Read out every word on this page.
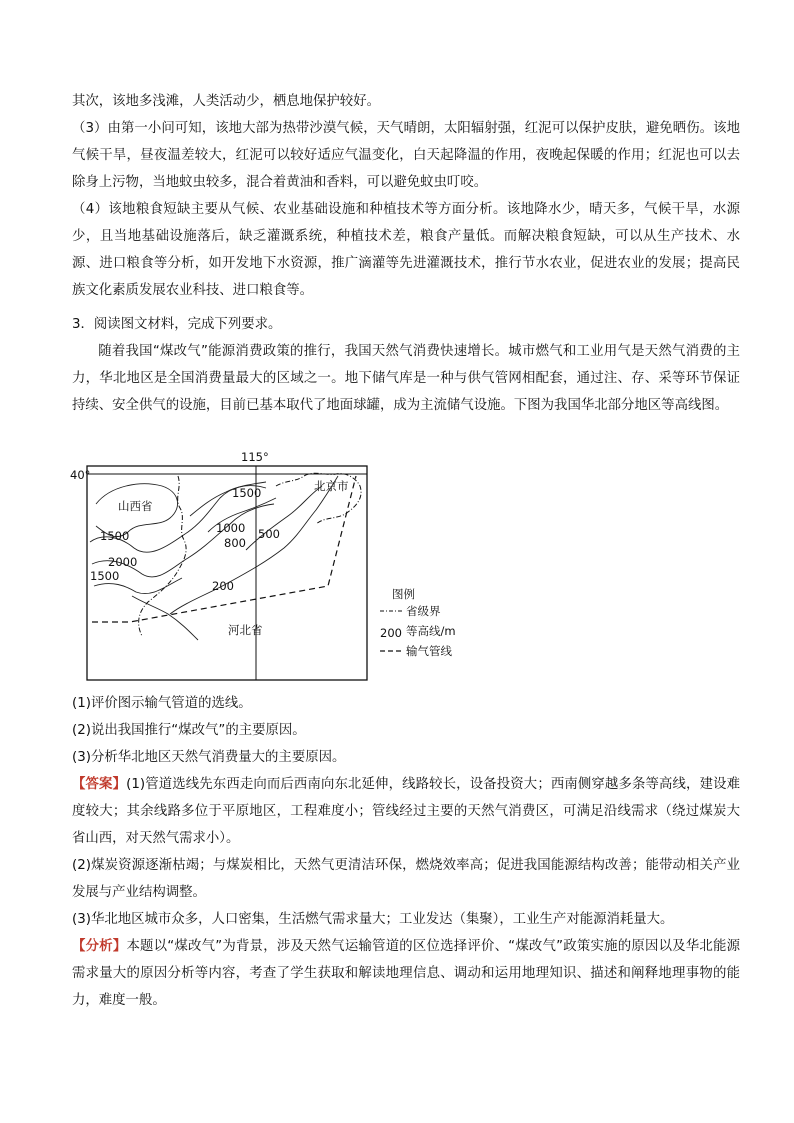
其次，该地多浅滩，人类活动少，栖息地保护较好。

（3）由第一小问可知，该地大部为热带沙漠气候，天气晴朗，太阳辐射强，红泥可以保护皮肤，避免晒伤。该地气候干旱，昼夜温差较大，红泥可以较好适应气温变化，白天起降温的作用，夜晚起保暖的作用；红泥也可以去除身上污物，当地蚊虫较多，混合着黄油和香料，可以避免蚊虫叮咬。

（4）该地粮食短缺主要从气候、农业基础设施和种植技术等方面分析。该地降水少，晴天多，气候干旱，水源少，且当地基础设施落后，缺乏灌溉系统，种植技术差，粮食产量低。而解决粮食短缺，可以从生产技术、水源、进口粮食等分析，如开发地下水资源，推广滴灌等先进灌溉技术，推行节水农业，促进农业的发展；提高民族文化素质发展农业科技、进口粮食等。

3．阅读图文材料，完成下列要求。

随着我国“煤改气”能源消费政策的推行，我国天然气消费快速增长。城市燃气和工业用气是天然气消费的主力，华北地区是全国消费量最大的区域之一。地下储气库是一种与供气管网相配套，通过注、存、采等环节保证持续、安全供气的设施，目前已基本取代了地面球罐，成为主流储气设施。下图为我国华北部分地区等高线图。

115°
40°
山西省
北京市
河北省
1500
1500
1500
1000
800
500
2000
200
图例
省级界
200 等高线/m
输气管线

(1)评价图示输气管道的选线。

(2)说出我国推行“煤改气”的主要原因。

(3)分析华北地区天然气消费量大的主要原因。

【答案】(1)管道选线先东西走向而后西南向东北延伸，线路较长，设备投资大；西南侧穿越多条等高线，建设难度较大；其余线路多位于平原地区，工程难度小；管线经过主要的天然气消费区，可满足沿线需求（绕过煤炭大省山西，对天然气需求小）。

(2)煤炭资源逐渐枯竭；与煤炭相比，天然气更清洁环保，燃烧效率高；促进我国能源结构改善；能带动相关产业发展与产业结构调整。

(3)华北地区城市众多，人口密集，生活燃气需求量大；工业发达（集聚），工业生产对能源消耗量大。

【分析】本题以“煤改气”为背景，涉及天然气运输管道的区位选择评价、“煤改气”政策实施的原因以及华北能源需求量大的原因分析等内容，考查了学生获取和解读地理信息、调动和运用地理知识、描述和阐释地理事物的能力，难度一般。
